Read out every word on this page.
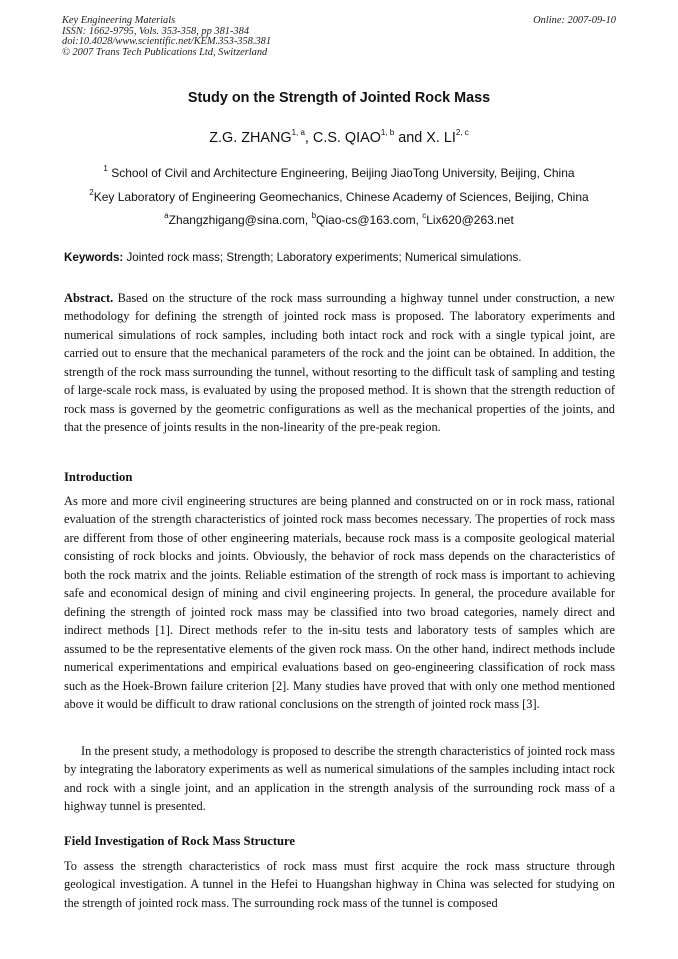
Key Engineering Materials
ISSN: 1662-9795, Vols. 353-358, pp 381-384
doi:10.4028/www.scientific.net/KEM.353-358.381
© 2007 Trans Tech Publications Ltd, Switzerland
Online: 2007-09-10
Study on the Strength of Jointed Rock Mass
Z.G. ZHANG$^{1, a}$, C.S. QIAO$^{1, b}$ and X. LI$^{2, c}$
$^1$ School of Civil and Architecture Engineering, Beijing JiaoTong University, Beijing, China
$^2$Key Laboratory of Engineering Geomechanics, Chinese Academy of Sciences, Beijing, China
$^a$Zhangzhigang@sina.com, $^b$Qiao-cs@163.com, $^c$Lix620@263.net
Keywords: Jointed rock mass; Strength; Laboratory experiments; Numerical simulations.

Abstract. Based on the structure of the rock mass surrounding a highway tunnel under construction, a new methodology for defining the strength of jointed rock mass is proposed. The laboratory experiments and numerical simulations of rock samples, including both intact rock and rock with a single typical joint, are carried out to ensure that the mechanical parameters of the rock and the joint can be obtained. In addition, the strength of the rock mass surrounding the tunnel, without resorting to the difficult task of sampling and testing of large-scale rock mass, is evaluated by using the proposed method. It is shown that the strength reduction of rock mass is governed by the geometric configurations as well as the mechanical properties of the joints, and that the presence of joints results in the non-linearity of the pre-peak region.

Introduction

As more and more civil engineering structures are being planned and constructed on or in rock mass, rational evaluation of the strength characteristics of jointed rock mass becomes necessary. The properties of rock mass are different from those of other engineering materials, because rock mass is a composite geological material consisting of rock blocks and joints. Obviously, the behavior of rock mass depends on the characteristics of both the rock matrix and the joints. Reliable estimation of the strength of rock mass is important to achieving safe and economical design of mining and civil engineering projects. In general, the procedure available for defining the strength of jointed rock mass may be classified into two broad categories, namely direct and indirect methods [1]. Direct methods refer to the in-situ tests and laboratory tests of samples which are assumed to be the representative elements of the given rock mass. On the other hand, indirect methods include numerical experimentations and empirical evaluations based on geo-engineering classification of rock mass such as the Hoek-Brown failure criterion [2]. Many studies have proved that with only one method mentioned above it would be difficult to draw rational conclusions on the strength of jointed rock mass [3].

In the present study, a methodology is proposed to describe the strength characteristics of jointed rock mass by integrating the laboratory experiments as well as numerical simulations of the samples including intact rock and rock with a single joint, and an application in the strength analysis of the surrounding rock mass of a highway tunnel is presented.

Field Investigation of Rock Mass Structure

To assess the strength characteristics of rock mass must first acquire the rock mass structure through geological investigation. A tunnel in the Hefei to Huangshan highway in China was selected for studying on the strength of jointed rock mass. The surrounding rock mass of the tunnel is composed
